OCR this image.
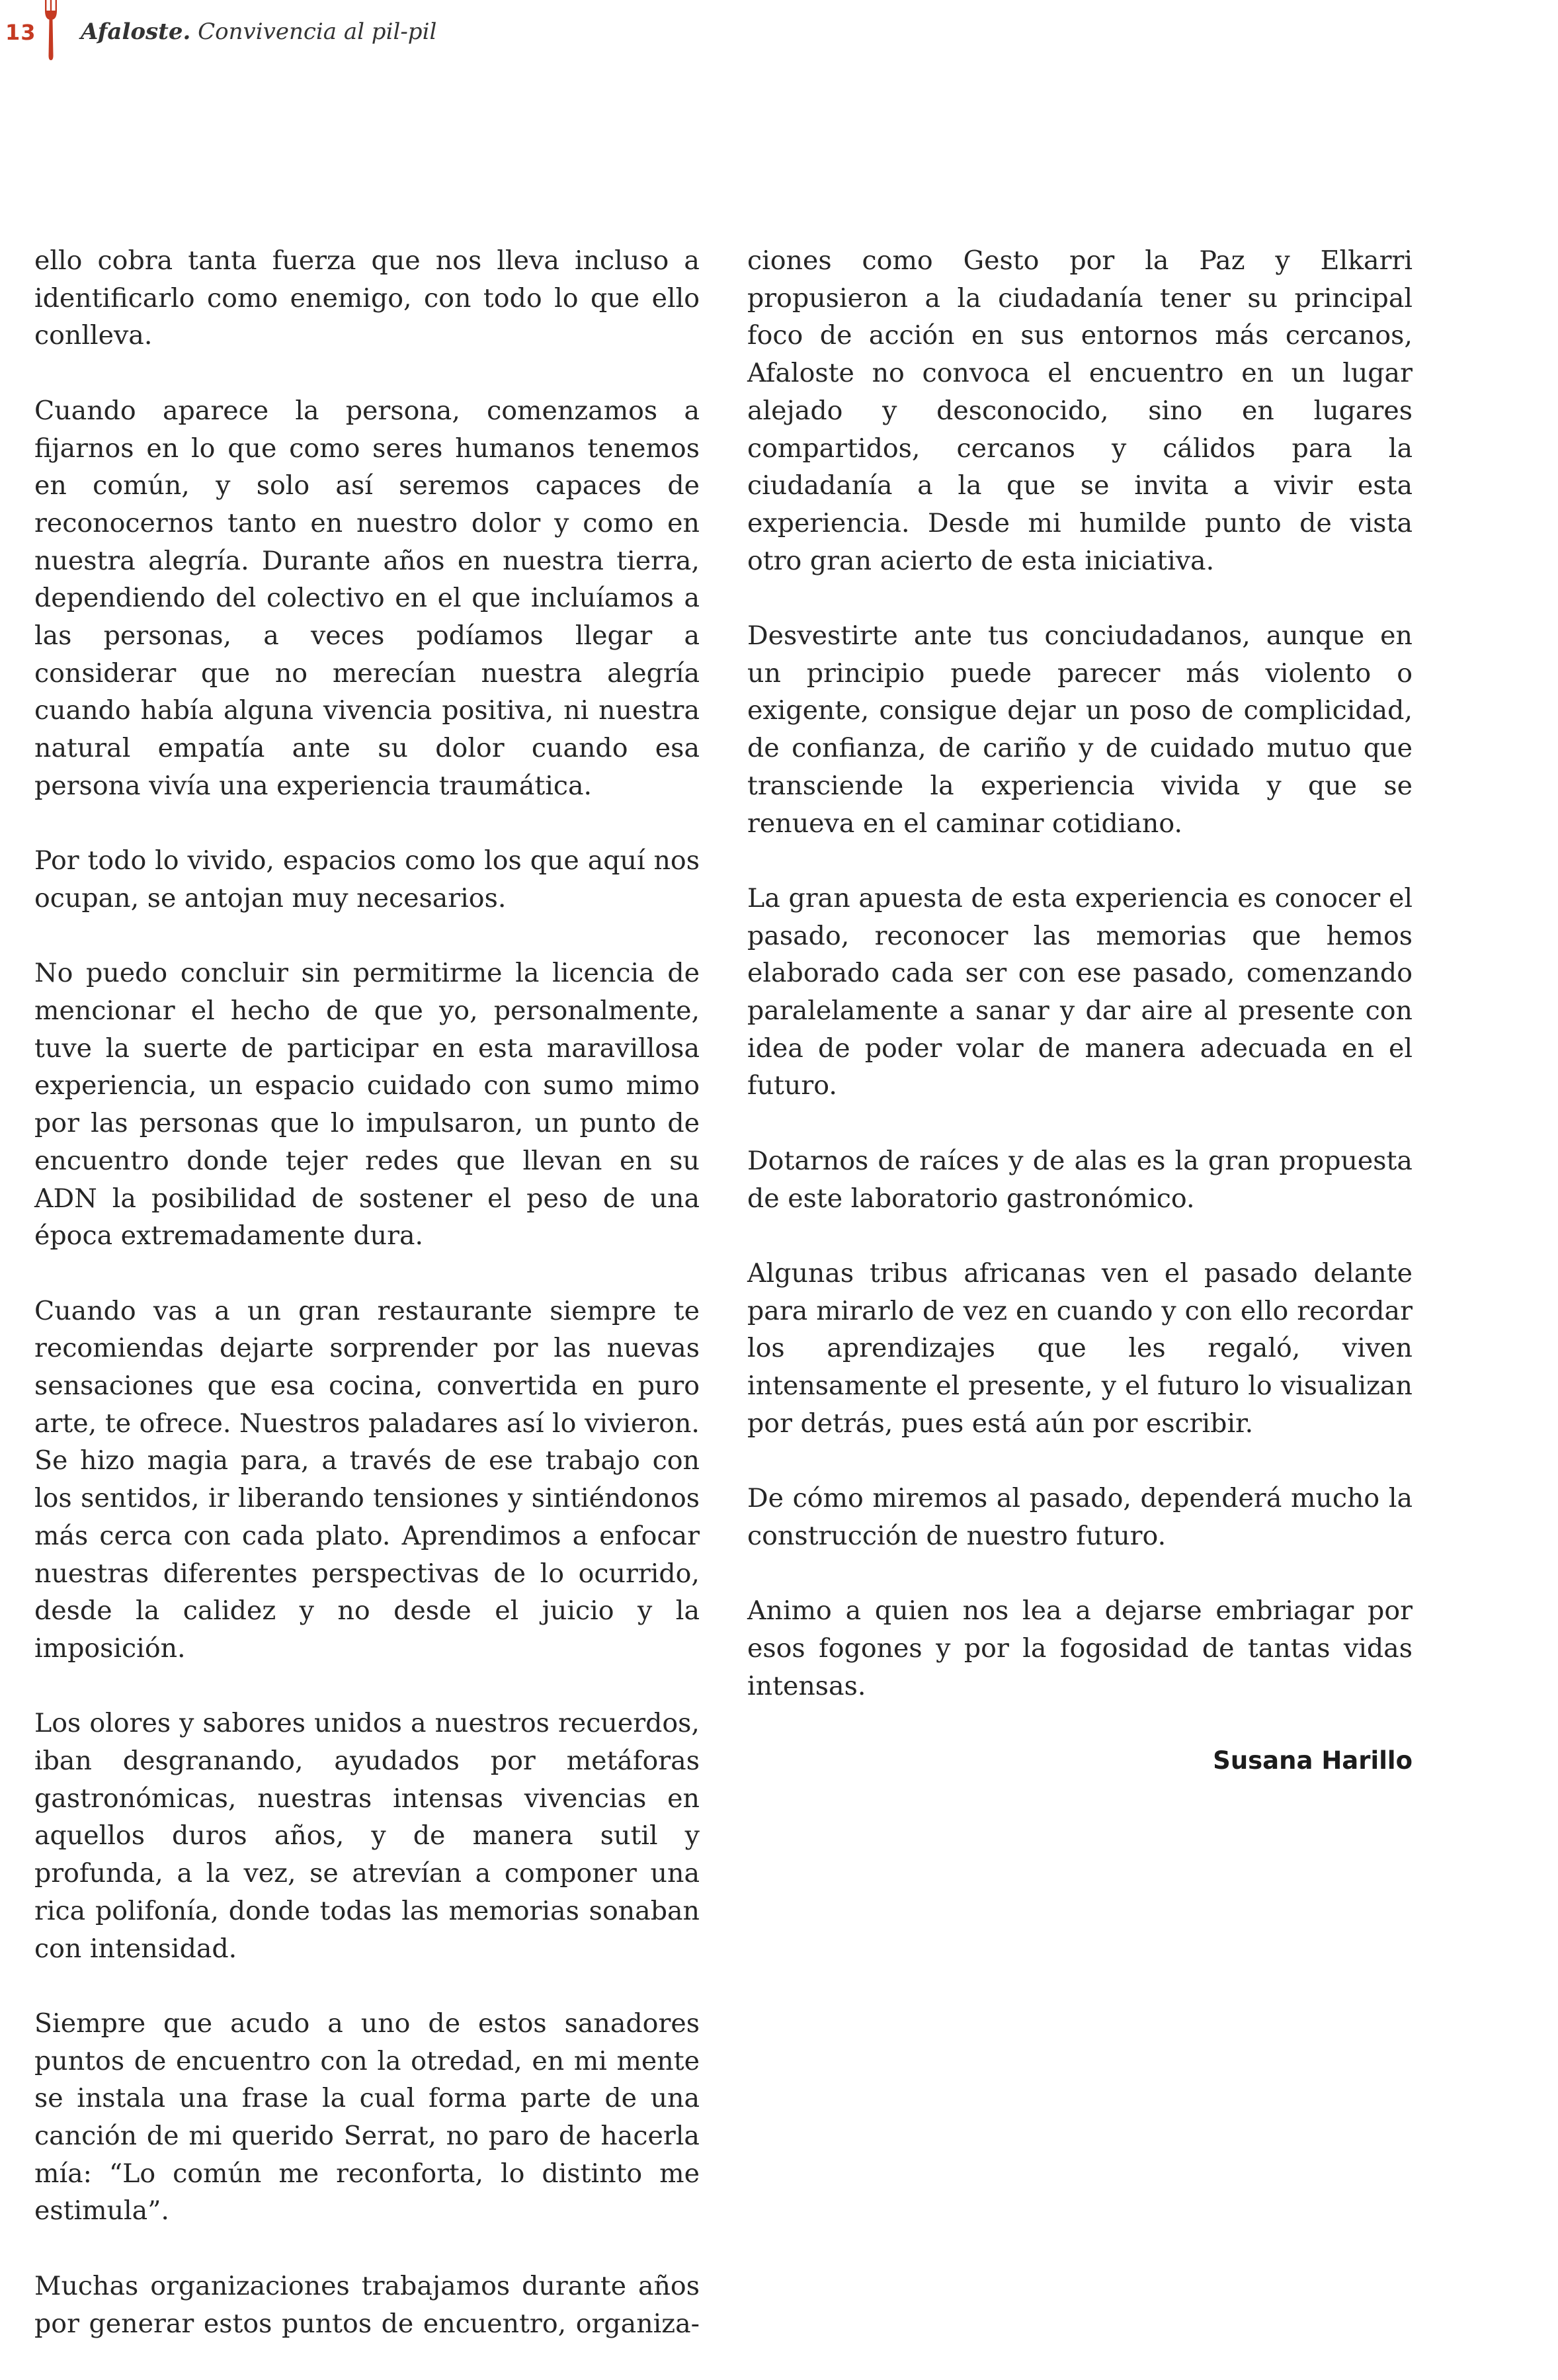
13 Afaloste. Convivencia al pil-pil

ello cobra tanta fuerza que nos lleva incluso a identificarlo como enemigo, con todo lo que ello conlleva.

Cuando aparece la persona, comenzamos a fijarnos en lo que como seres humanos tenemos en común, y solo así seremos capaces de reconocernos tanto en nuestro dolor y como en nuestra alegría. Durante años en nuestra tierra, dependiendo del colectivo en el que incluíamos a las personas, a veces podíamos llegar a considerar que no merecían nuestra alegría cuando había alguna vivencia positiva, ni nuestra natural empatía ante su dolor cuando esa persona vivía una experiencia traumática.

Por todo lo vivido, espacios como los que aquí nos ocupan, se antojan muy necesarios.

No puedo concluir sin permitirme la licencia de mencionar el hecho de que yo, personalmente, tuve la suerte de participar en esta maravillosa experiencia, un espacio cuidado con sumo mimo por las personas que lo impulsaron, un punto de encuentro donde tejer redes que llevan en su ADN la posibilidad de sostener el peso de una época extremadamente dura.

Cuando vas a un gran restaurante siempre te recomiendas dejarte sorprender por las nuevas sensaciones que esa cocina, convertida en puro arte, te ofrece. Nuestros paladares así lo vivieron. Se hizo magia para, a través de ese trabajo con los sentidos, ir liberando tensiones y sintiéndonos más cerca con cada plato. Aprendimos a enfocar nuestras diferentes perspectivas de lo ocurrido, desde la calidez y no desde el juicio y la imposición.

Los olores y sabores unidos a nuestros recuerdos, iban desgranando, ayudados por metáforas gastronómicas, nuestras intensas vivencias en aquellos duros años, y de manera sutil y profunda, a la vez, se atrevían a componer una rica polifonía, donde todas las memorias sonaban con intensidad.

Siempre que acudo a uno de estos sanadores puntos de encuentro con la otredad, en mi mente se instala una frase la cual forma parte de una canción de mi querido Serrat, no paro de hacerla mía: “Lo común me reconforta, lo distinto me estimula”.

Muchas organizaciones trabajamos durante años por generar estos puntos de encuentro, organiza-

ciones como Gesto por la Paz y Elkarri propusieron a la ciudadanía tener su principal foco de acción en sus entornos más cercanos, Afaloste no convoca el encuentro en un lugar alejado y desconocido, sino en lugares compartidos, cercanos y cálidos para la ciudadanía a la que se invita a vivir esta experiencia. Desde mi humilde punto de vista otro gran acierto de esta iniciativa.

Desvestirte ante tus conciudadanos, aunque en un principio puede parecer más violento o exigente, consigue dejar un poso de complicidad, de confianza, de cariño y de cuidado mutuo que transciende la experiencia vivida y que se renueva en el caminar cotidiano.

La gran apuesta de esta experiencia es conocer el pasado, reconocer las memorias que hemos elaborado cada ser con ese pasado, comenzando paralelamente a sanar y dar aire al presente con idea de poder volar de manera adecuada en el futuro.

Dotarnos de raíces y de alas es la gran propuesta de este laboratorio gastronómico.

Algunas tribus africanas ven el pasado delante para mirarlo de vez en cuando y con ello recordar los aprendizajes que les regaló, viven intensamente el presente, y el futuro lo visualizan por detrás, pues está aún por escribir.

De cómo miremos al pasado, dependerá mucho la construcción de nuestro futuro.

Animo a quien nos lea a dejarse embriagar por esos fogones y por la fogosidad de tantas vidas intensas.

Susana Harillo
